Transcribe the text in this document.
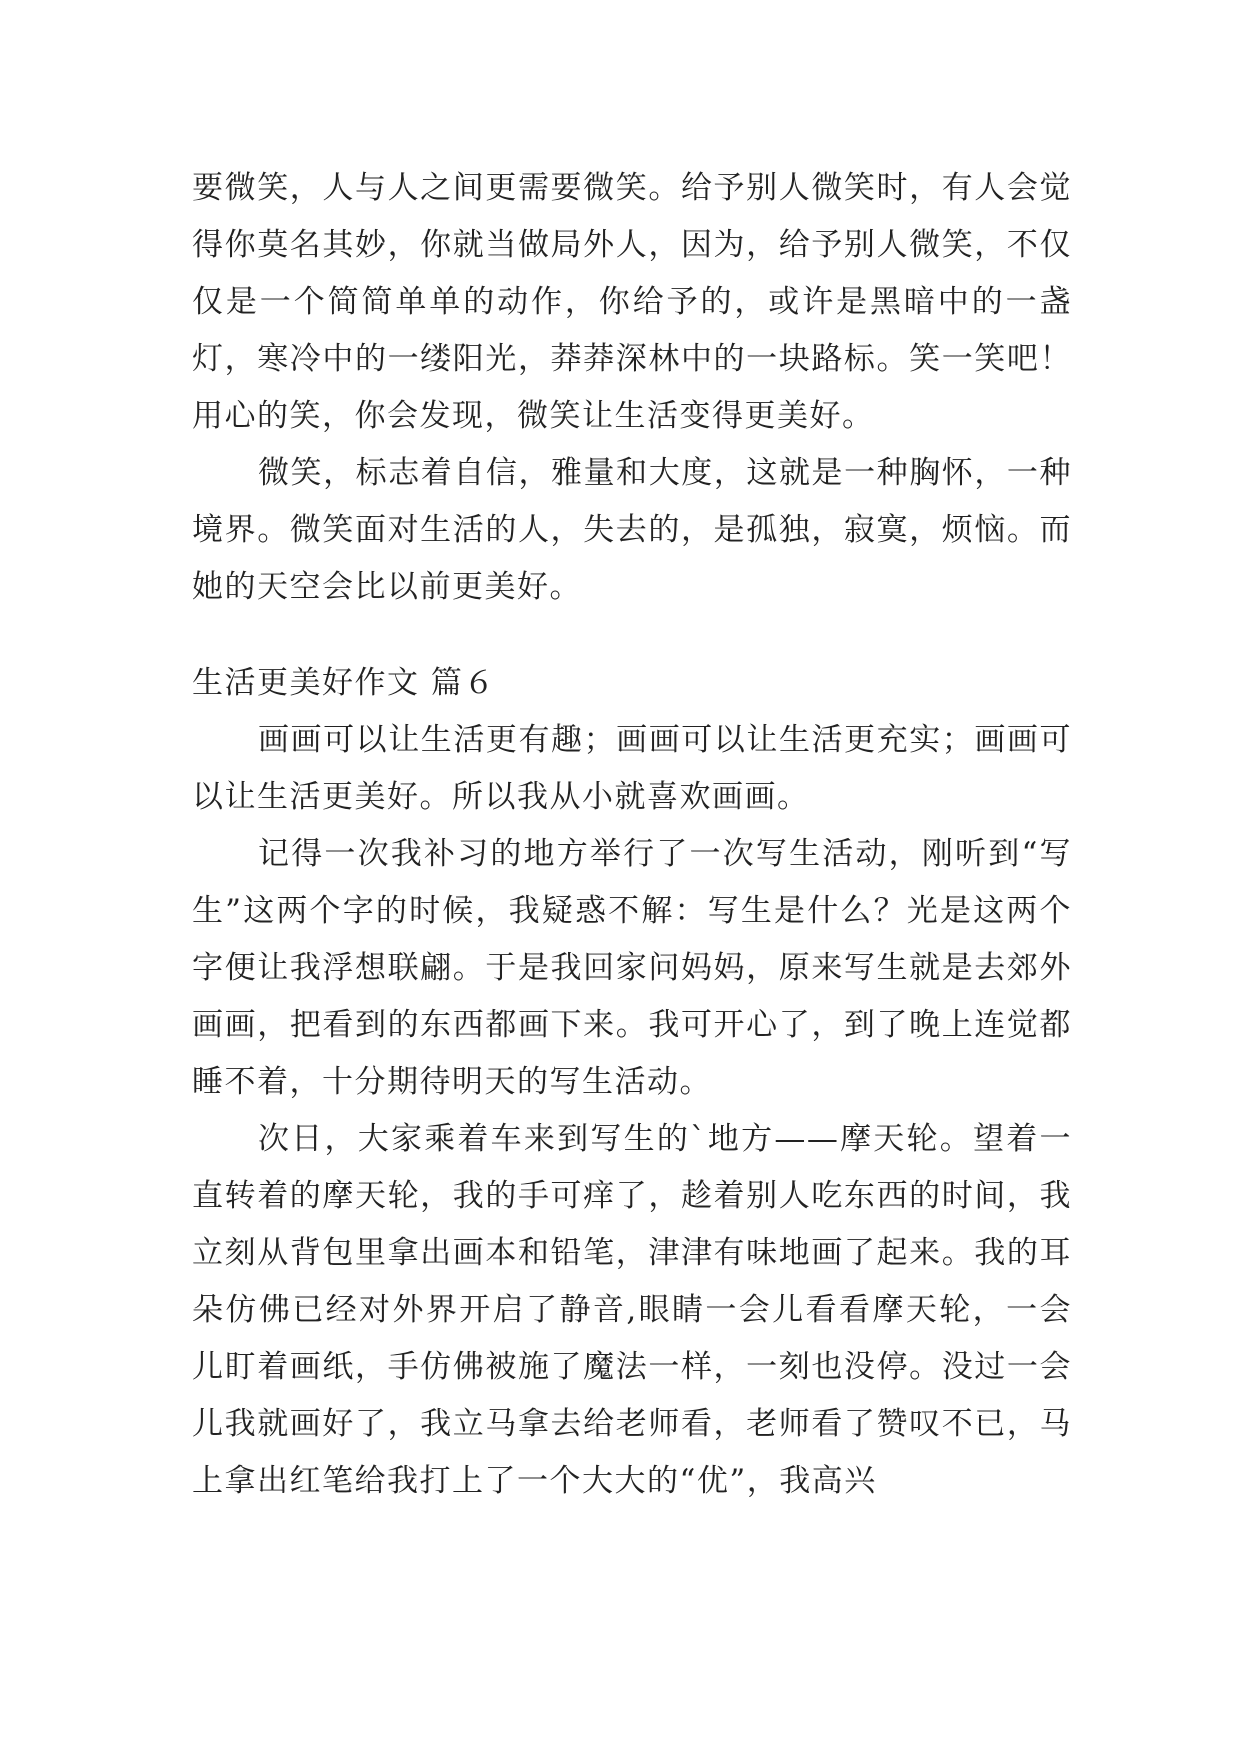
要微笑，人与人之间更需要微笑。给予别人微笑时，有人会觉得你莫名其妙，你就当做局外人，因为，给予别人微笑，不仅仅是一个简简单单的动作，你给予的，或许是黑暗中的一盏灯，寒冷中的一缕阳光，莽莽深林中的一块路标。笑一笑吧！用心的笑，你会发现，微笑让生活变得更美好。

微笑，标志着自信，雅量和大度，这就是一种胸怀，一种境界。微笑面对生活的人，失去的，是孤独，寂寞，烦恼。而她的天空会比以前更美好。

生活更美好作文 篇６

画画可以让生活更有趣；画画可以让生活更充实；画画可以让生活更美好。所以我从小就喜欢画画。

记得一次我补习的地方举行了一次写生活动，刚听到“写生”这两个字的时候，我疑惑不解：写生是什么？光是这两个字便让我浮想联翩。于是我回家问妈妈，原来写生就是去郊外画画，把看到的东西都画下来。我可开心了，到了晚上连觉都睡不着，十分期待明天的写生活动。

次日，大家乘着车来到写生的`地方——摩天轮。望着一直转着的摩天轮，我的手可痒了，趁着别人吃东西的时间，我立刻从背包里拿出画本和铅笔，津津有味地画了起来。我的耳朵仿佛已经对外界开启了静音,眼睛一会儿看看摩天轮，一会儿盯着画纸，手仿佛被施了魔法一样，一刻也没停。没过一会儿我就画好了，我立马拿去给老师看，老师看了赞叹不已，马上拿出红笔给我打上了一个大大的“优”，我高兴
